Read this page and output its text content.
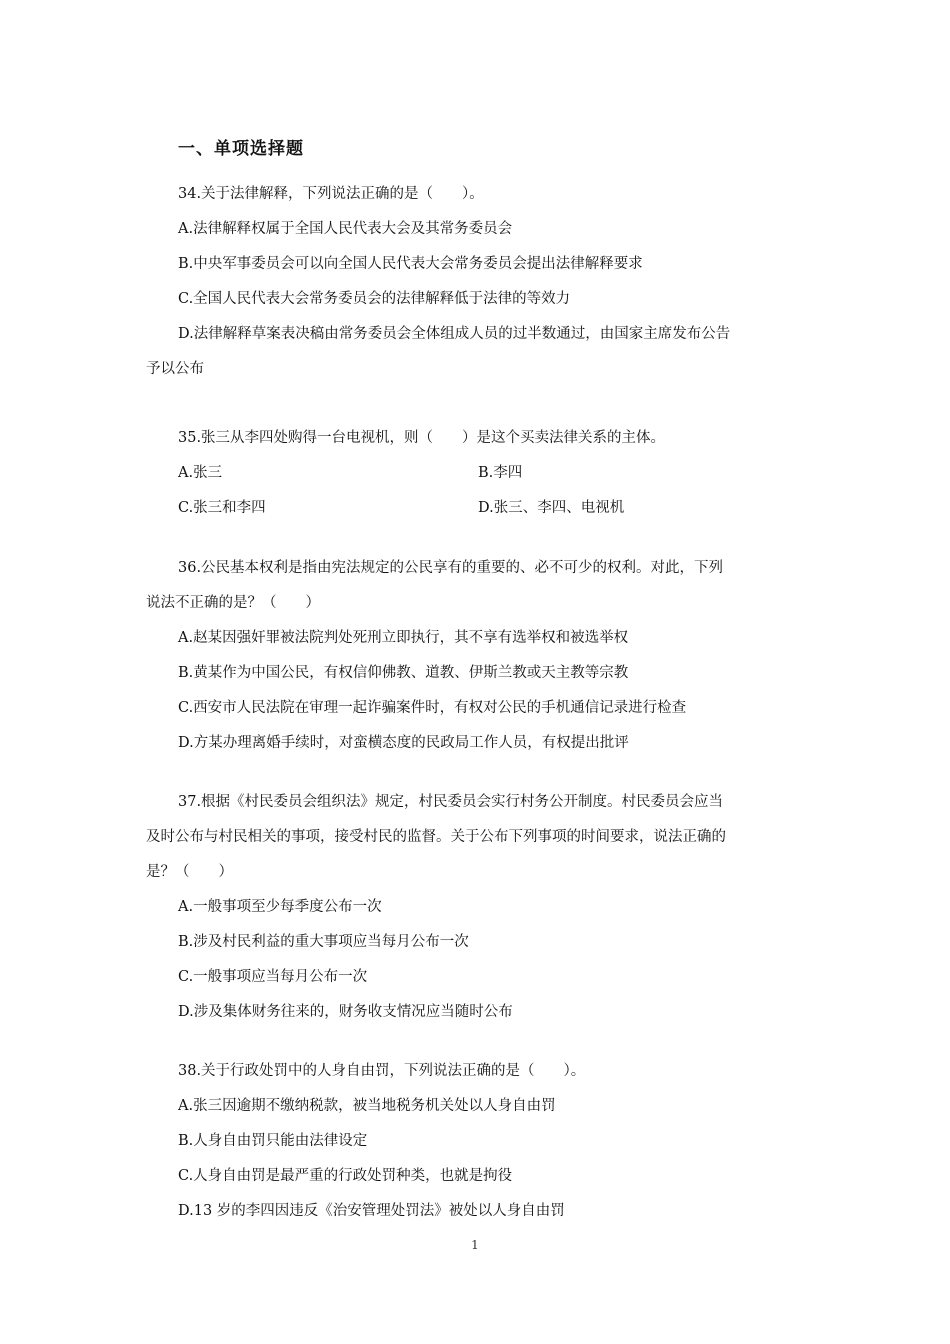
一、单项选择题
34.关于法律解释，下列说法正确的是（　　）。
A.法律解释权属于全国人民代表大会及其常务委员会
B.中央军事委员会可以向全国人民代表大会常务委员会提出法律解释要求
C.全国人民代表大会常务委员会的法律解释低于法律的等效力
D.法律解释草案表决稿由常务委员会全体组成人员的过半数通过，由国家主席发布公告
予以公布
35.张三从李四处购得一台电视机，则（　　）是这个买卖法律关系的主体。
A.张三	B.李四
C.张三和李四	D.张三、李四、电视机
36.公民基本权利是指由宪法规定的公民享有的重要的、必不可少的权利。对此，下列
说法不正确的是？（　　）
A.赵某因强奸罪被法院判处死刑立即执行，其不享有选举权和被选举权
B.黄某作为中国公民，有权信仰佛教、道教、伊斯兰教或天主教等宗教
C.西安市人民法院在审理一起诈骗案件时，有权对公民的手机通信记录进行检查
D.方某办理离婚手续时，对蛮横态度的民政局工作人员，有权提出批评
37.根据《村民委员会组织法》规定，村民委员会实行村务公开制度。村民委员会应当
及时公布与村民相关的事项，接受村民的监督。关于公布下列事项的时间要求，说法正确的
是？（　　）
A.一般事项至少每季度公布一次
B.涉及村民利益的重大事项应当每月公布一次
C.一般事项应当每月公布一次
D.涉及集体财务往来的，财务收支情况应当随时公布
38.关于行政处罚中的人身自由罚，下列说法正确的是（　　）。
A.张三因逾期不缴纳税款，被当地税务机关处以人身自由罚
B.人身自由罚只能由法律设定
C.人身自由罚是最严重的行政处罚种类，也就是拘役
D.13 岁的李四因违反《治安管理处罚法》被处以人身自由罚
1
